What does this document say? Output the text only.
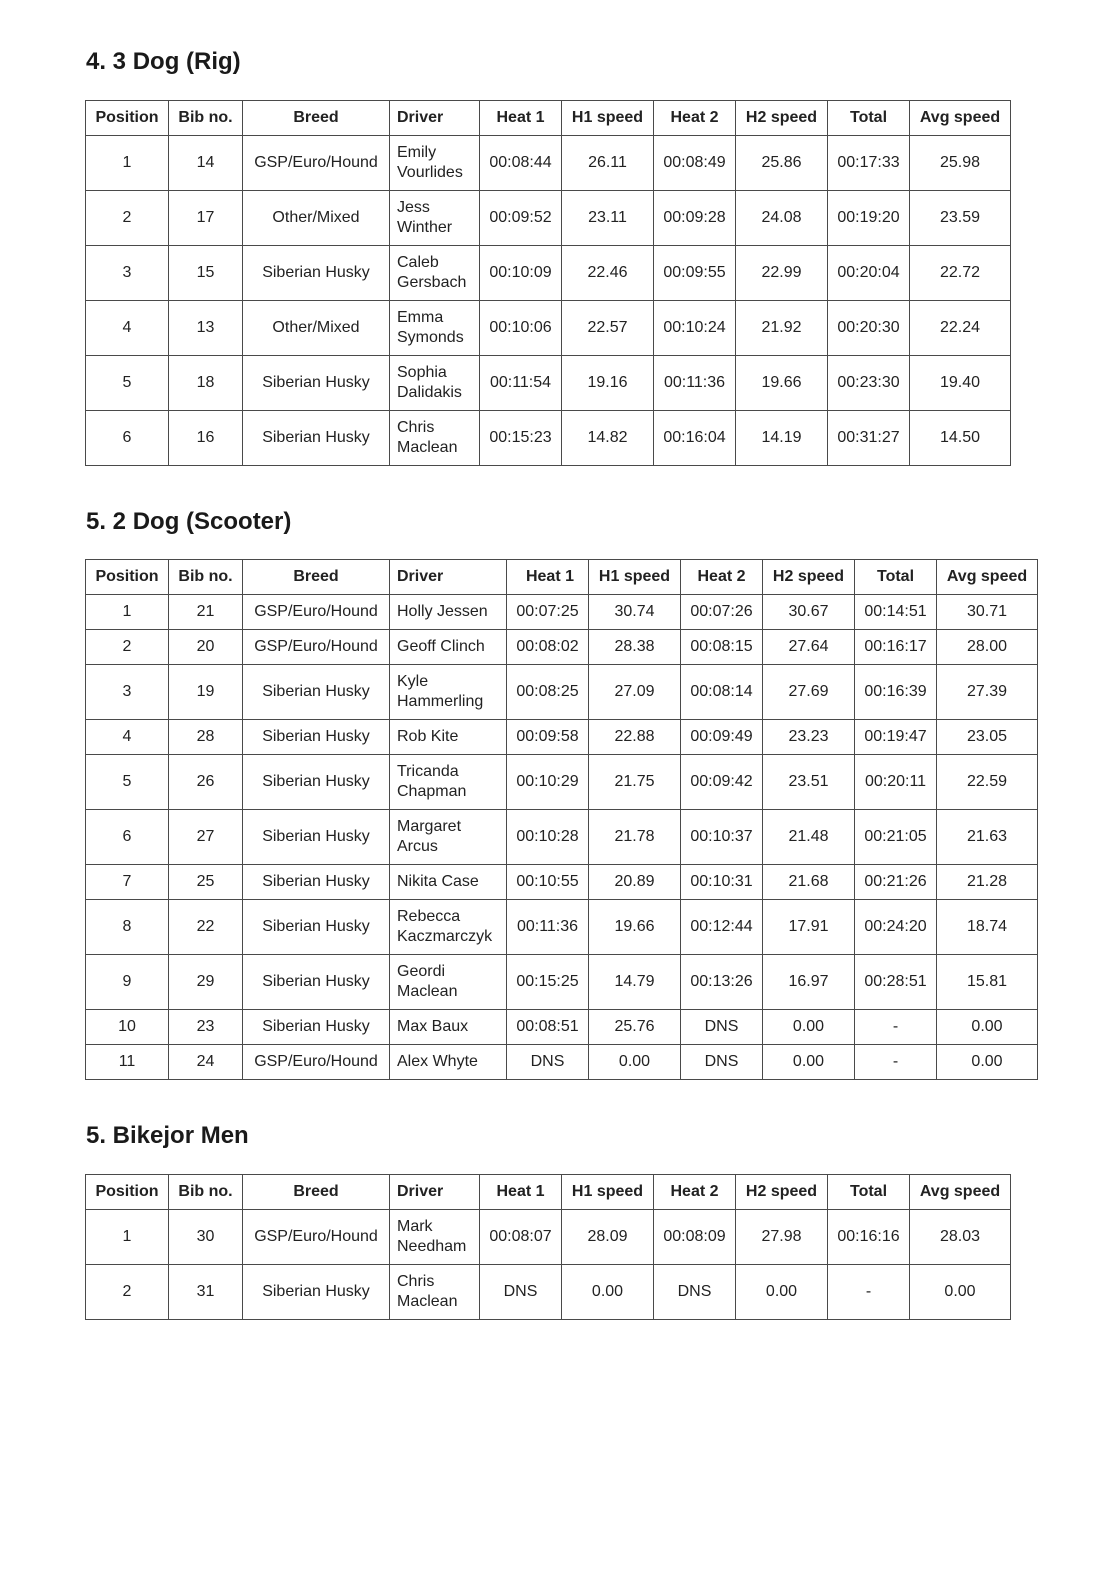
4. 3 Dog (Rig)
Position	Bib no.	Breed	Driver	Heat 1	H1 speed	Heat 2	H2 speed	Total	Avg speed
1	14	GSP/Euro/Hound	Emily
Vourlides	00:08:44	26.11	00:08:49	25.86	00:17:33	25.98
2	17	Other/Mixed	Jess
Winther	00:09:52	23.11	00:09:28	24.08	00:19:20	23.59
3	15	Siberian Husky	Caleb
Gersbach	00:10:09	22.46	00:09:55	22.99	00:20:04	22.72
4	13	Other/Mixed	Emma
Symonds	00:10:06	22.57	00:10:24	21.92	00:20:30	22.24
5	18	Siberian Husky	Sophia
Dalidakis	00:11:54	19.16	00:11:36	19.66	00:23:30	19.40
6	16	Siberian Husky	Chris
Maclean	00:15:23	14.82	00:16:04	14.19	00:31:27	14.50
5. 2 Dog (Scooter)
Position	Bib no.	Breed	Driver	Heat 1	H1 speed	Heat 2	H2 speed	Total	Avg speed
1	21	GSP/Euro/Hound	Holly Jessen	00:07:25	30.74	00:07:26	30.67	00:14:51	30.71
2	20	GSP/Euro/Hound	Geoff Clinch	00:08:02	28.38	00:08:15	27.64	00:16:17	28.00
3	19	Siberian Husky	Kyle
Hammerling	00:08:25	27.09	00:08:14	27.69	00:16:39	27.39
4	28	Siberian Husky	Rob Kite	00:09:58	22.88	00:09:49	23.23	00:19:47	23.05
5	26	Siberian Husky	Tricanda
Chapman	00:10:29	21.75	00:09:42	23.51	00:20:11	22.59
6	27	Siberian Husky	Margaret
Arcus	00:10:28	21.78	00:10:37	21.48	00:21:05	21.63
7	25	Siberian Husky	Nikita Case	00:10:55	20.89	00:10:31	21.68	00:21:26	21.28
8	22	Siberian Husky	Rebecca
Kaczmarczyk	00:11:36	19.66	00:12:44	17.91	00:24:20	18.74
9	29	Siberian Husky	Geordi
Maclean	00:15:25	14.79	00:13:26	16.97	00:28:51	15.81
10	23	Siberian Husky	Max Baux	00:08:51	25.76	DNS	0.00	-	0.00
11	24	GSP/Euro/Hound	Alex Whyte	DNS	0.00	DNS	0.00	-	0.00
5. Bikejor Men
Position	Bib no.	Breed	Driver	Heat 1	H1 speed	Heat 2	H2 speed	Total	Avg speed
1	30	GSP/Euro/Hound	Mark
Needham	00:08:07	28.09	00:08:09	27.98	00:16:16	28.03
2	31	Siberian Husky	Chris
Maclean	DNS	0.00	DNS	0.00	-	0.00
